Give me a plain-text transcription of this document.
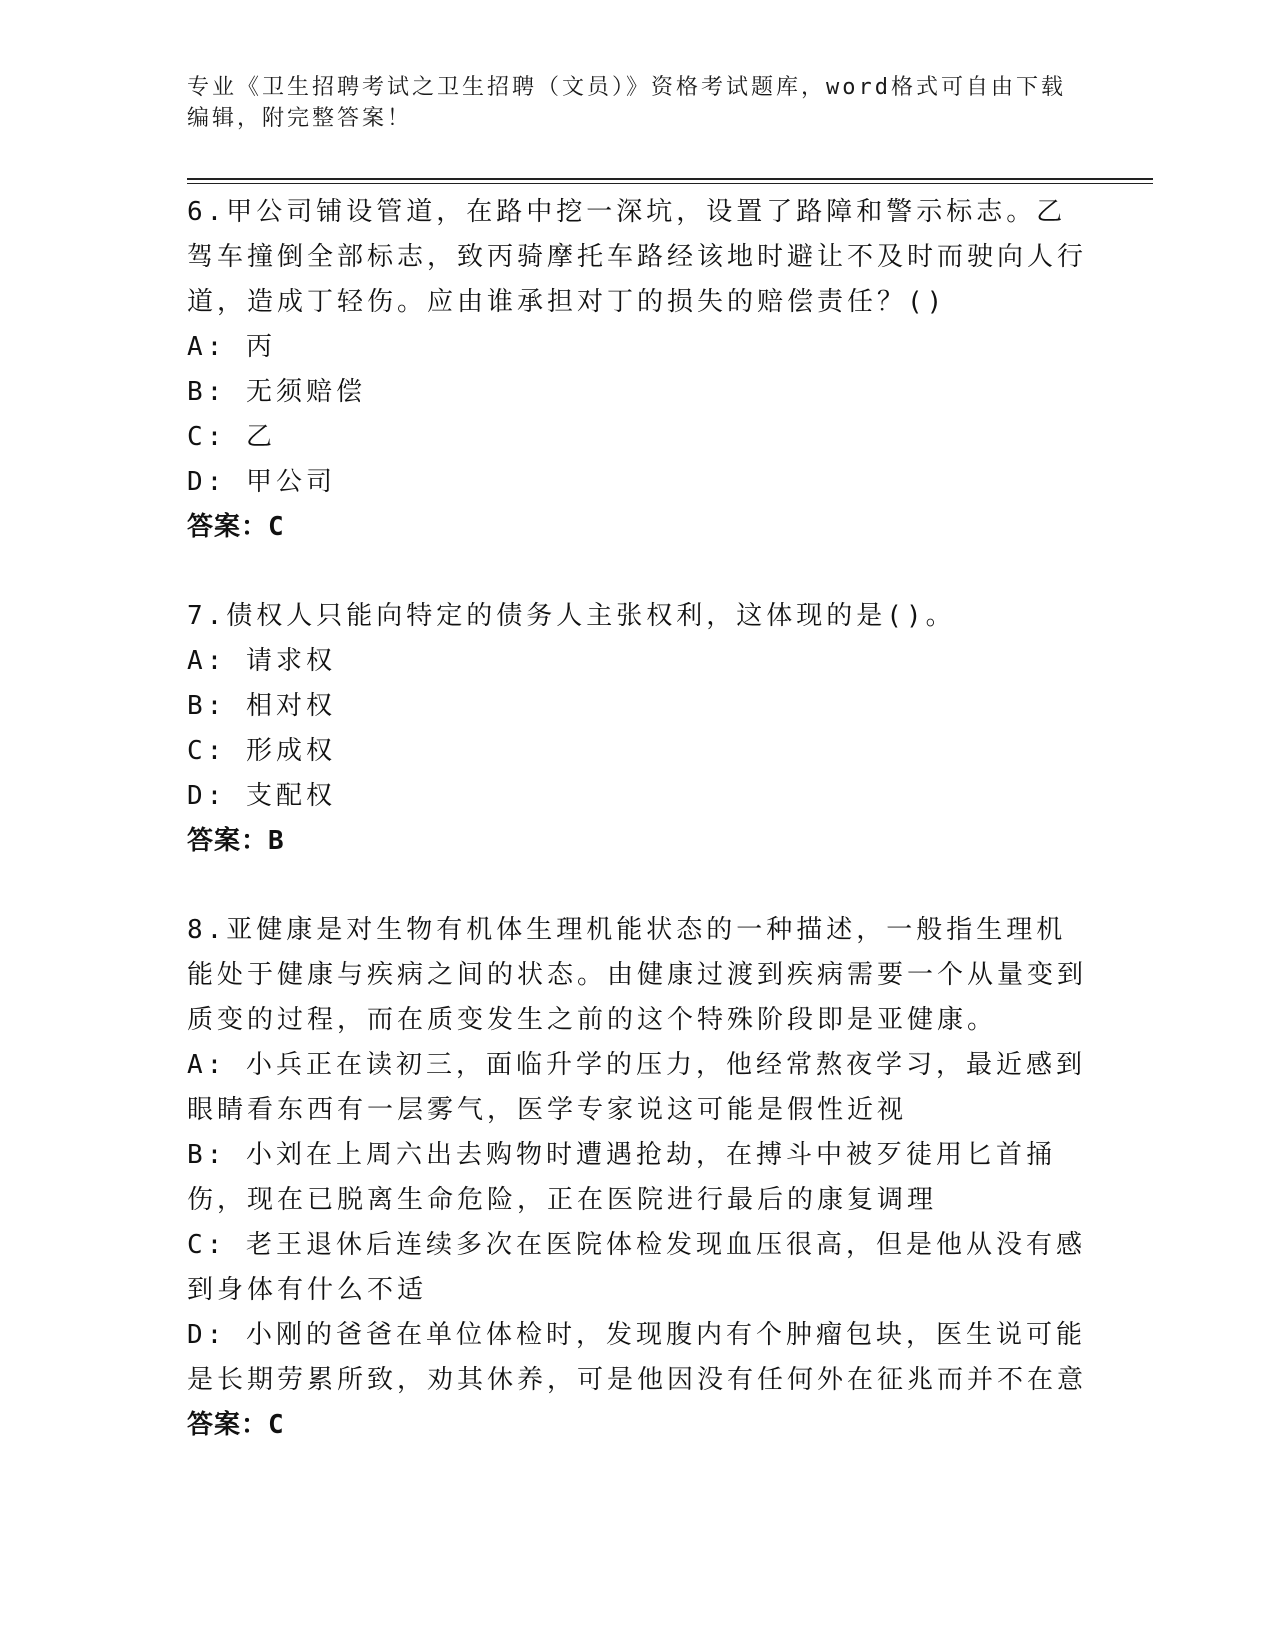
专业《卫生招聘考试之卫生招聘（文员）》资格考试题库，word格式可自由下载编辑，附完整答案！
6.甲公司铺设管道，在路中挖一深坑，设置了路障和警示标志。乙驾车撞倒全部标志，致丙骑摩托车路经该地时避让不及时而驶向人行道，造成丁轻伤。应由谁承担对丁的损失的赔偿责任？()
A: 丙
B: 无须赔偿
C: 乙
D: 甲公司
答案：C
7.债权人只能向特定的债务人主张权利，这体现的是()。
A: 请求权
B: 相对权
C: 形成权
D: 支配权
答案：B
8.亚健康是对生物有机体生理机能状态的一种描述，一般指生理机能处于健康与疾病之间的状态。由健康过渡到疾病需要一个从量变到质变的过程，而在质变发生之前的这个特殊阶段即是亚健康。
A: 小兵正在读初三，面临升学的压力，他经常熬夜学习，最近感到眼睛看东西有一层雾气，医学专家说这可能是假性近视
B: 小刘在上周六出去购物时遭遇抢劫，在搏斗中被歹徒用匕首捅伤，现在已脱离生命危险，正在医院进行最后的康复调理
C: 老王退休后连续多次在医院体检发现血压很高，但是他从没有感到身体有什么不适
D: 小刚的爸爸在单位体检时，发现腹内有个肿瘤包块，医生说可能是长期劳累所致，劝其休养，可是他因没有任何外在征兆而并不在意
答案：C
